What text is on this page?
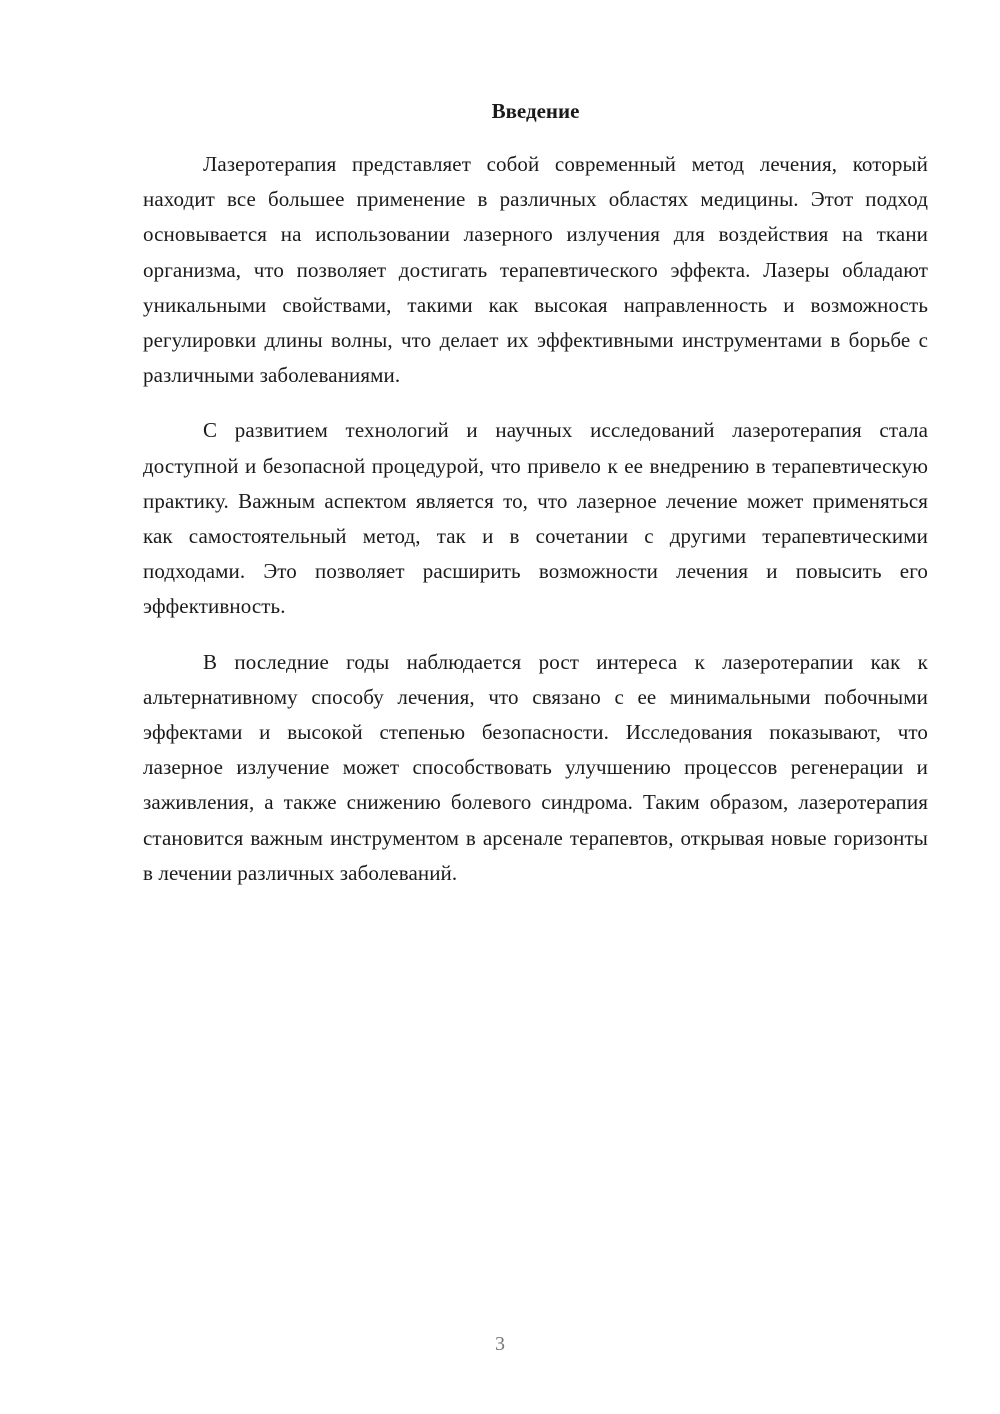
Введение

Лазеротерапия представляет собой современный метод лечения, который находит все большее применение в различных областях медицины. Этот подход основывается на использовании лазерного излучения для воздействия на ткани организма, что позволяет достигать терапевтического эффекта. Лазеры обладают уникальными свойствами, такими как высокая направленность и возможность регулировки длины волны, что делает их эффективными инструментами в борьбе с различными заболеваниями.

С развитием технологий и научных исследований лазеротерапия стала доступной и безопасной процедурой, что привело к ее внедрению в терапевтическую практику. Важным аспектом является то, что лазерное лечение может применяться как самостоятельный метод, так и в сочетании с другими терапевтическими подходами. Это позволяет расширить возможности лечения и повысить его эффективность.

В последние годы наблюдается рост интереса к лазеротерапии как к альтернативному способу лечения, что связано с ее минимальными побочными эффектами и высокой степенью безопасности. Исследования показывают, что лазерное излучение может способствовать улучшению процессов регенерации и заживления, а также снижению болевого синдрома. Таким образом, лазеротерапия становится важным инструментом в арсенале терапевтов, открывая новые горизонты в лечении различных заболеваний.

3
